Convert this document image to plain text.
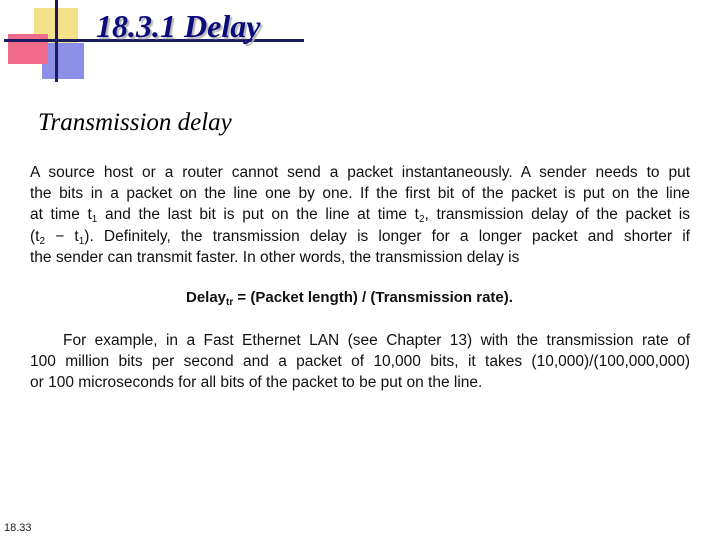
18.3.1 Delay
Transmission delay
A source host or a router cannot send a packet instantaneously. A sender needs to put
the bits in a packet on the line one by one. If the first bit of the packet is put on the line
at time $t_1$ and the last bit is put on the line at time $t_2$, transmission delay of the packet is
$(t_2 - t_1)$. Definitely, the transmission delay is longer for a longer packet and shorter if
the sender can transmit faster. In other words, the transmission delay is
Delay$_{tr}$ = (Packet length) / (Transmission rate).
For example, in a Fast Ethernet LAN (see Chapter 13) with the transmission rate of
100 million bits per second and a packet of 10,000 bits, it takes (10,000)/(100,000,000)
or 100 microseconds for all bits of the packet to be put on the line.
18.33
